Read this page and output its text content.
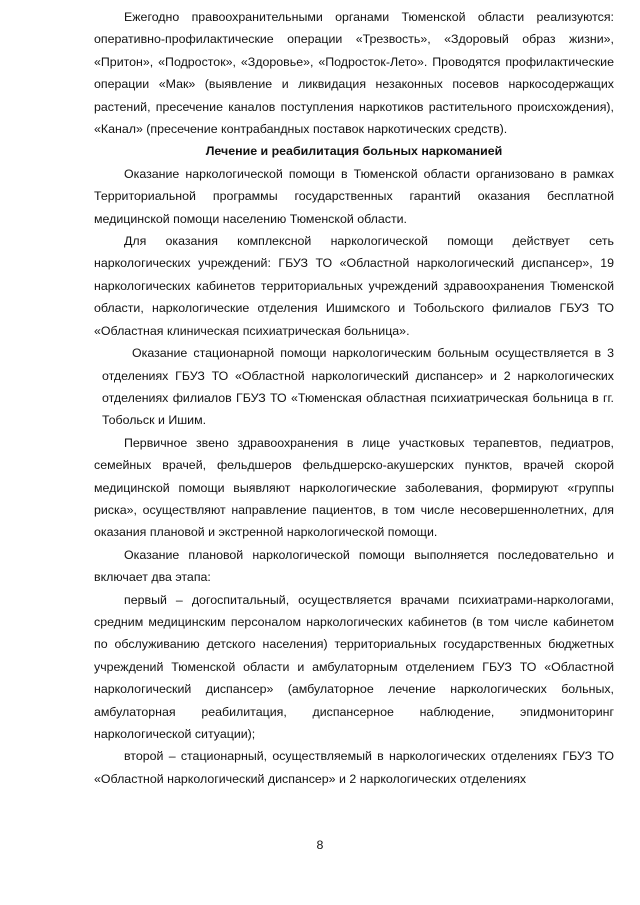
Ежегодно правоохранительными органами Тюменской области реализуются: оперативно-профилактические операции «Трезвость», «Здоровый образ жизни», «Притон», «Подросток», «Здоровье», «Подросток-Лето». Проводятся профилактические операции «Мак» (выявление и ликвидация незаконных посевов наркосодержащих растений, пресечение каналов поступления наркотиков растительного происхождения), «Канал» (пресечение контрабандных поставок наркотических средств).

Лечение и реабилитация больных наркоманией

Оказание наркологической помощи в Тюменской области организовано в рамках Территориальной программы государственных гарантий оказания бесплатной медицинской помощи населению Тюменской области.

Для оказания комплексной наркологической помощи действует сеть наркологических учреждений: ГБУЗ ТО «Областной наркологический диспансер», 19 наркологических кабинетов территориальных учреждений здравоохранения Тюменской области, наркологические отделения Ишимского и Тобольского филиалов ГБУЗ ТО «Областная клиническая психиатрическая больница».

Оказание стационарной помощи наркологическим больным осуществляется в 3 отделениях ГБУЗ ТО «Областной наркологический диспансер» и 2 наркологических отделениях филиалов ГБУЗ ТО «Тюменская областная психиатрическая больница в гг. Тобольск и Ишим.

Первичное звено здравоохранения в лице участковых терапевтов, педиатров, семейных врачей, фельдшеров фельдшерско-акушерских пунктов, врачей скорой медицинской помощи выявляют наркологические заболевания, формируют «группы риска», осуществляют направление пациентов, в том числе несовершеннолетних, для оказания плановой и экстренной наркологической помощи.

Оказание плановой наркологической помощи выполняется последовательно и включает два этапа:

первый – догоспитальный, осуществляется врачами психиатрами-наркологами, средним медицинским персоналом наркологических кабинетов (в том числе кабинетом по обслуживанию детского населения) территориальных государственных бюджетных учреждений Тюменской области и амбулаторным отделением ГБУЗ ТО «Областной наркологический диспансер» (амбулаторное лечение наркологических больных, амбулаторная реабилитация, диспансерное наблюдение, эпидмониторинг наркологической ситуации);

второй – стационарный, осуществляемый в наркологических отделениях ГБУЗ ТО «Областной наркологический диспансер» и 2 наркологических отделениях

8
